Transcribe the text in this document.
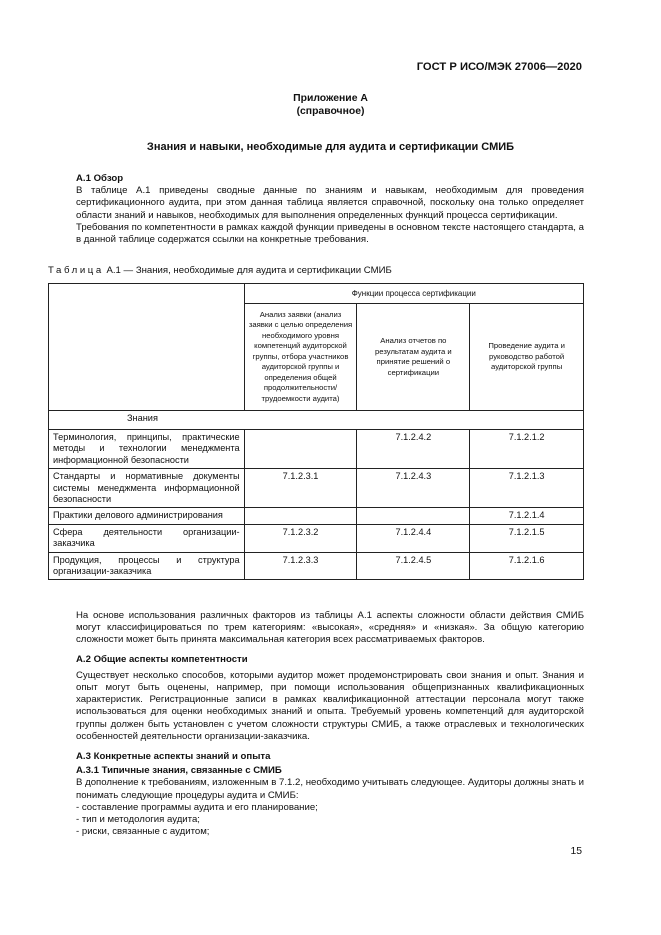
ГОСТ Р ИСО/МЭК 27006—2020
Приложение А
(справочное)
Знания и навыки, необходимые для аудита и сертификации СМИБ
А.1 Обзор
В таблице А.1 приведены сводные данные по знаниям и навыкам, необходимым для проведения сертификационного аудита, при этом данная таблица является справочной, поскольку она только определяет области знаний и навыков, необходимых для выполнения определенных функций процесса сертификации.
Требования по компетентности в рамках каждой функции приведены в основном тексте настоящего стандарта, а в данной таблице содержатся ссылки на конкретные требования.
Таблица А.1 — Знания, необходимые для аудита и сертификации СМИБ
	Функции процесса сертификации		
	Анализ заявки (анализ заявки с целью определения необходимого уровня компетенций аудиторской группы, отбора участников аудиторской группы и определения общей продолжительности/трудоемкости аудита)	Анализ отчетов по результатам аудита и принятие решений о сертификации	Проведение аудита и руководство работой аудиторской группы
Знания			
Терминология, принципы, практические методы и технологии менеджмента информационной безопасности		7.1.2.4.2	7.1.2.1.2
Стандарты и нормативные документы системы менеджмента информационной безопасности	7.1.2.3.1	7.1.2.4.3	7.1.2.1.3
Практики делового администрирования			7.1.2.1.4
Сфера деятельности организации-заказчика	7.1.2.3.2	7.1.2.4.4	7.1.2.1.5
Продукция, процессы и структура организации-заказчика	7.1.2.3.3	7.1.2.4.5	7.1.2.1.6
На основе использования различных факторов из таблицы А.1 аспекты сложности области действия СМИБ могут классифицироваться по трем категориям: «высокая», «средняя» и «низкая». За общую категорию сложности может быть принята максимальная категория всех рассматриваемых факторов.
А.2 Общие аспекты компетентности
Существует несколько способов, которыми аудитор может продемонстрировать свои знания и опыт. Знания и опыт могут быть оценены, например, при помощи использования общепризнанных квалификационных характеристик. Регистрационные записи в рамках квалификационной аттестации персонала могут также использоваться для оценки необходимых знаний и опыта. Требуемый уровень компетенций для аудиторской группы должен быть установлен с учетом сложности структуры СМИБ, а также отраслевых и технологических особенностей деятельности организации-заказчика.
А.3 Конкретные аспекты знаний и опыта
А.3.1 Типичные знания, связанные с СМИБ
В дополнение к требованиям, изложенным в 7.1.2, необходимо учитывать следующее. Аудиторы должны знать и понимать следующие процедуры аудита и СМИБ:
- составление программы аудита и его планирование;
- тип и методология аудита;
- риски, связанные с аудитом;
15
